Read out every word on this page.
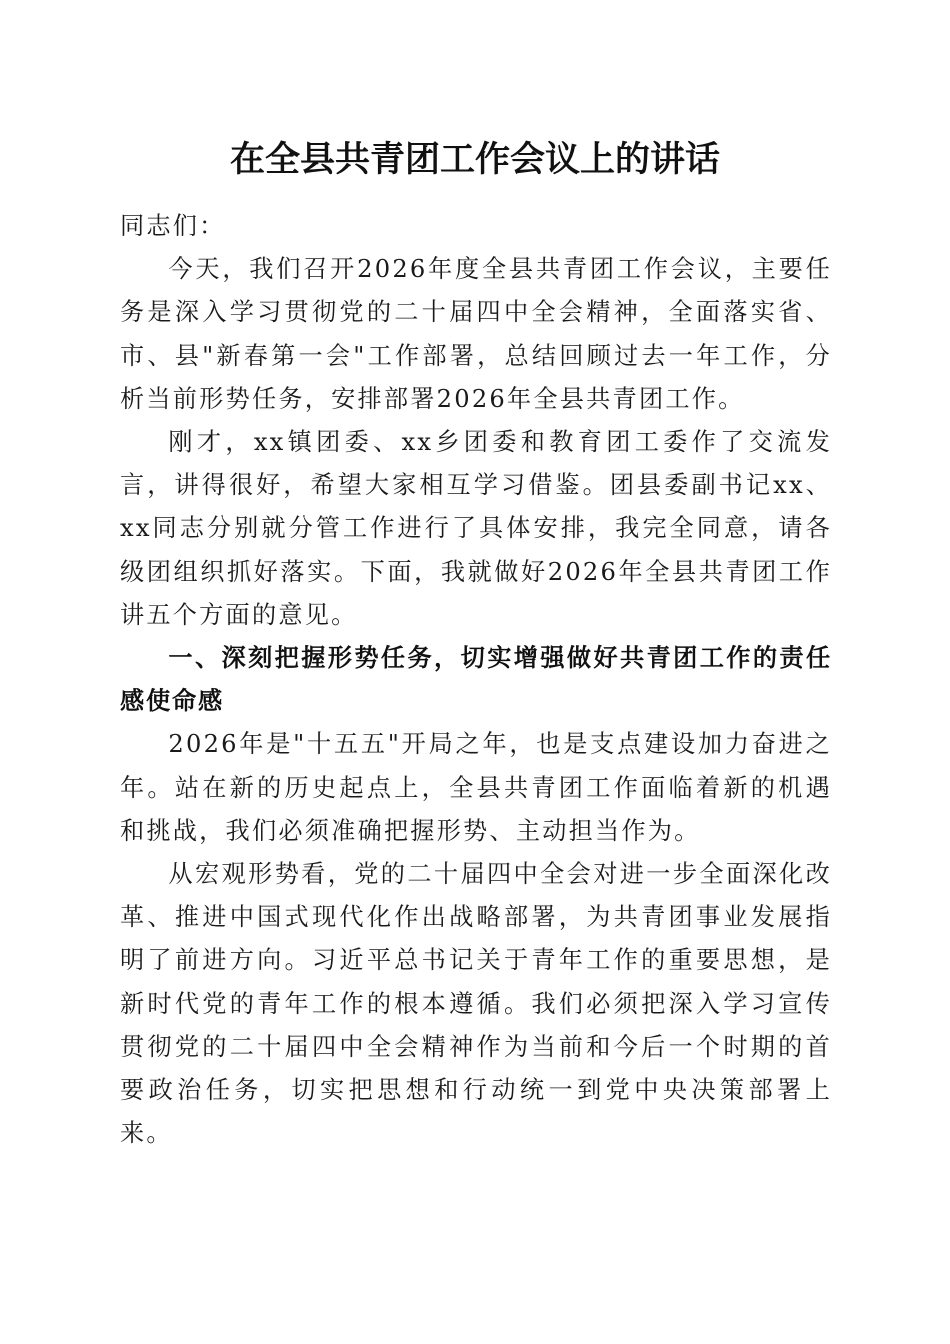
在全县共青团工作会议上的讲话

同志们：

今天，我们召开2026年度全县共青团工作会议，主要任务是深入学习贯彻党的二十届四中全会精神，全面落实省、市、县"新春第一会"工作部署，总结回顾过去一年工作，分析当前形势任务，安排部署2026年全县共青团工作。

刚才，xx镇团委、xx乡团委和教育团工委作了交流发言，讲得很好，希望大家相互学习借鉴。团县委副书记xx、xx同志分别就分管工作进行了具体安排，我完全同意，请各级团组织抓好落实。下面，我就做好2026年全县共青团工作讲五个方面的意见。

一、深刻把握形势任务，切实增强做好共青团工作的责任感使命感

2026年是"十五五"开局之年，也是支点建设加力奋进之年。站在新的历史起点上，全县共青团工作面临着新的机遇和挑战，我们必须准确把握形势、主动担当作为。

从宏观形势看，党的二十届四中全会对进一步全面深化改革、推进中国式现代化作出战略部署，为共青团事业发展指明了前进方向。习近平总书记关于青年工作的重要思想，是新时代党的青年工作的根本遵循。我们必须把深入学习宣传贯彻党的二十届四中全会精神作为当前和今后一个时期的首要政治任务，切实把思想和行动统一到党中央决策部署上来。
